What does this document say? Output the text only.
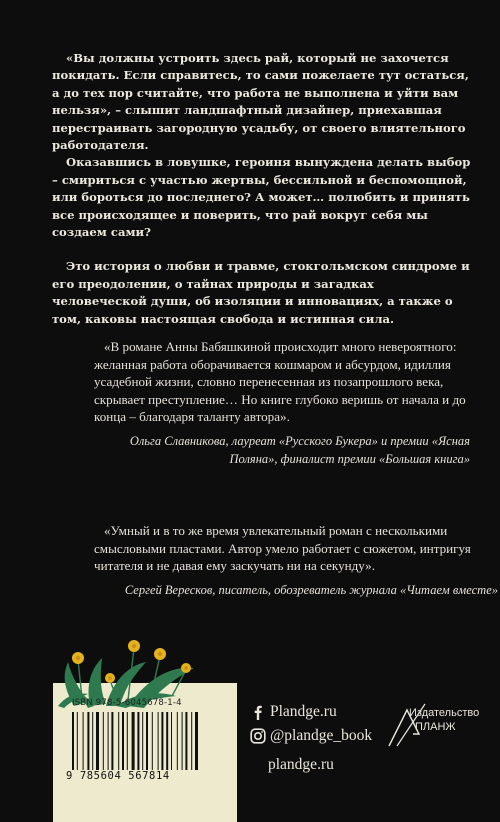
«Вы должны устроить здесь рай, который не захочется покидать. Если справитесь, то сами пожелаете тут остаться, а до тех пор считайте, что работа не выполнена и уйти вам нельзя», – слышит ландшафтный дизайнер, приехавшая перестраивать загородную усадьбу, от своего влиятельного работодателя.

Оказавшись в ловушке, героиня вынуждена делать выбор – смириться с участью жертвы, бессильной и беспомощной, или бороться до последнего? А может… полюбить и принять все происходящее и поверить, что рай вокруг себя мы создаем сами?

Это история о любви и травме, стокгольмском синдроме и его преодолении, о тайнах природы и загадках человеческой души, об изоляции и инновациях, а также о том, каковы настоящая свобода и истинная сила.

«В романе Анны Бабяшкиной происходит много невероятного: желанная работа оборачивается кошмаром и абсурдом, идиллия усадебной жизни, словно перенесенная из позапрошлого века, скрывает преступление… Но книге глубоко веришь от начала и до конца – благодаря таланту автора».
Ольга Славникова, лауреат «Русского Букера» и премии «Ясная Поляна», финалист премии «Большая книга»
«Умный и в то же время увлекательный роман с несколькими смысловыми пластами. Автор умело работает с сюжетом, интригуя читателя и не давая ему заскучать ни на секунду».
Сергей Вересков, писатель, обозреватель журнала «Читаем вместе»
ISBN 978-5-6045678-1-4
9 785604 567814
Plandge.ru
@plandge_book
plandge.ru
Издательство
ПЛАНЖ
